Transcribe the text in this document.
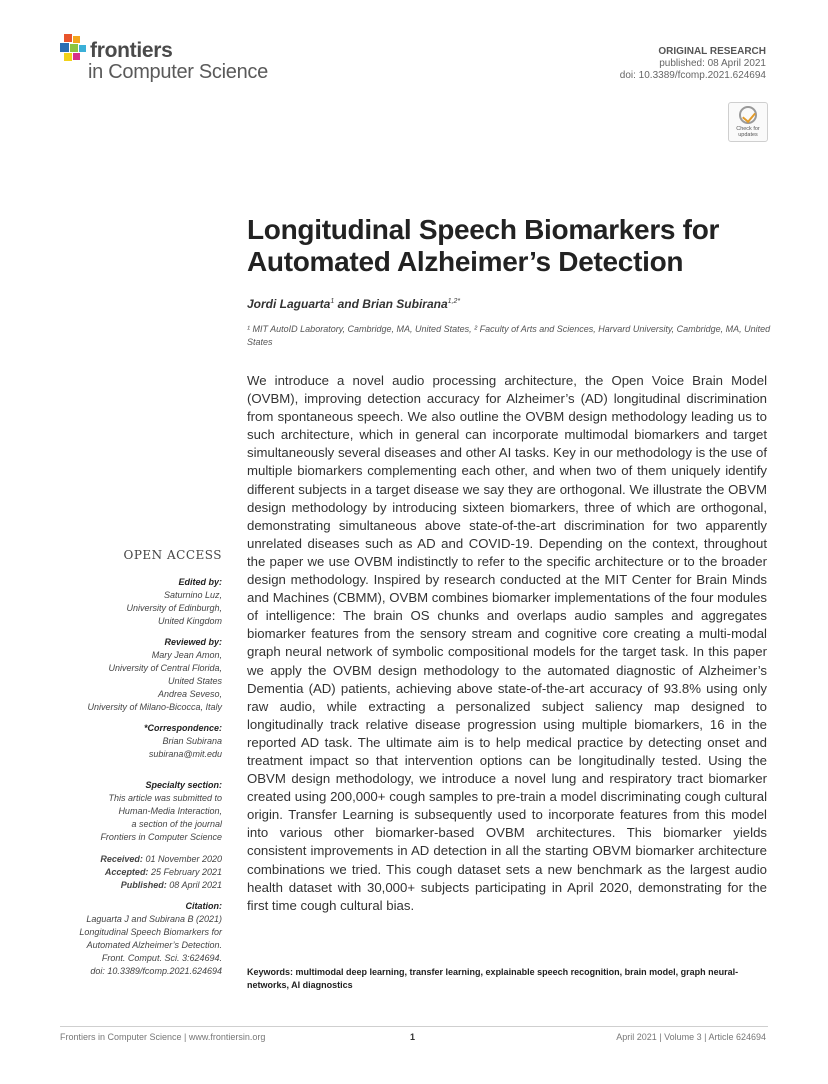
frontiers
in Computer Science
ORIGINAL RESEARCH
published: 08 April 2021
doi: 10.3389/fcomp.2021.624694
Check for updates
Longitudinal Speech Biomarkers for Automated Alzheimer’s Detection
Jordi Laguarta$^1$ and Brian Subirana$^{1,2*}$
¹ MIT AutoID Laboratory, Cambridge, MA, United States, ² Faculty of Arts and Sciences, Harvard University, Cambridge, MA, United States

We introduce a novel audio processing architecture, the Open Voice Brain Model (OVBM), improving detection accuracy for Alzheimer’s (AD) longitudinal discrimination from spontaneous speech. We also outline the OVBM design methodology leading us to such architecture, which in general can incorporate multimodal biomarkers and target simultaneously several diseases and other AI tasks. Key in our methodology is the use of multiple biomarkers complementing each other, and when two of them uniquely identify different subjects in a target disease we say they are orthogonal. We illustrate the OBVM design methodology by introducing sixteen biomarkers, three of which are orthogonal, demonstrating simultaneous above state-of-the-art discrimination for two apparently unrelated diseases such as AD and COVID-19. Depending on the context, throughout the paper we use OVBM indistinctly to refer to the specific architecture or to the broader design methodology. Inspired by research conducted at the MIT Center for Brain Minds and Machines (CBMM), OVBM combines biomarker implementations of the four modules of intelligence: The brain OS chunks and overlaps audio samples and aggregates biomarker features from the sensory stream and cognitive core creating a multi-modal graph neural network of symbolic compositional models for the target task. In this paper we apply the OVBM design methodology to the automated diagnostic of Alzheimer’s Dementia (AD) patients, achieving above state-of-the-art accuracy of 93.8% using only raw audio, while extracting a personalized subject saliency map designed to longitudinally track relative disease progression using multiple biomarkers, 16 in the reported AD task. The ultimate aim is to help medical practice by detecting onset and treatment impact so that intervention options can be longitudinally tested. Using the OBVM design methodology, we introduce a novel lung and respiratory tract biomarker created using 200,000+ cough samples to pre-train a model discriminating cough cultural origin. Transfer Learning is subsequently used to incorporate features from this model into various other biomarker-based OVBM architectures. This biomarker yields consistent improvements in AD detection in all the starting OBVM biomarker architecture combinations we tried. This cough dataset sets a new benchmark as the largest audio health dataset with 30,000+ subjects participating in April 2020, demonstrating for the first time cough cultural bias.

Keywords: multimodal deep learning, transfer learning, explainable speech recognition, brain model, graph neural-networks, AI diagnostics
OPEN ACCESS
Edited by:
Saturnino Luz,
University of Edinburgh,
United Kingdom
Reviewed by:
Mary Jean Amon,
University of Central Florida,
United States
Andrea Seveso,
University of Milano-Bicocca, Italy
*Correspondence:
Brian Subirana
subirana@mit.edu
Specialty section:
This article was submitted to
Human-Media Interaction,
a section of the journal
Frontiers in Computer Science
Received: 01 November 2020
Accepted: 25 February 2021
Published: 08 April 2021
Citation:
Laguarta J and Subirana B (2021)
Longitudinal Speech Biomarkers for
Automated Alzheimer’s Detection.
Front. Comput. Sci. 3:624694.
doi: 10.3389/fcomp.2021.624694
Frontiers in Computer Science | www.frontiersin.org	1	April 2021 | Volume 3 | Article 624694
